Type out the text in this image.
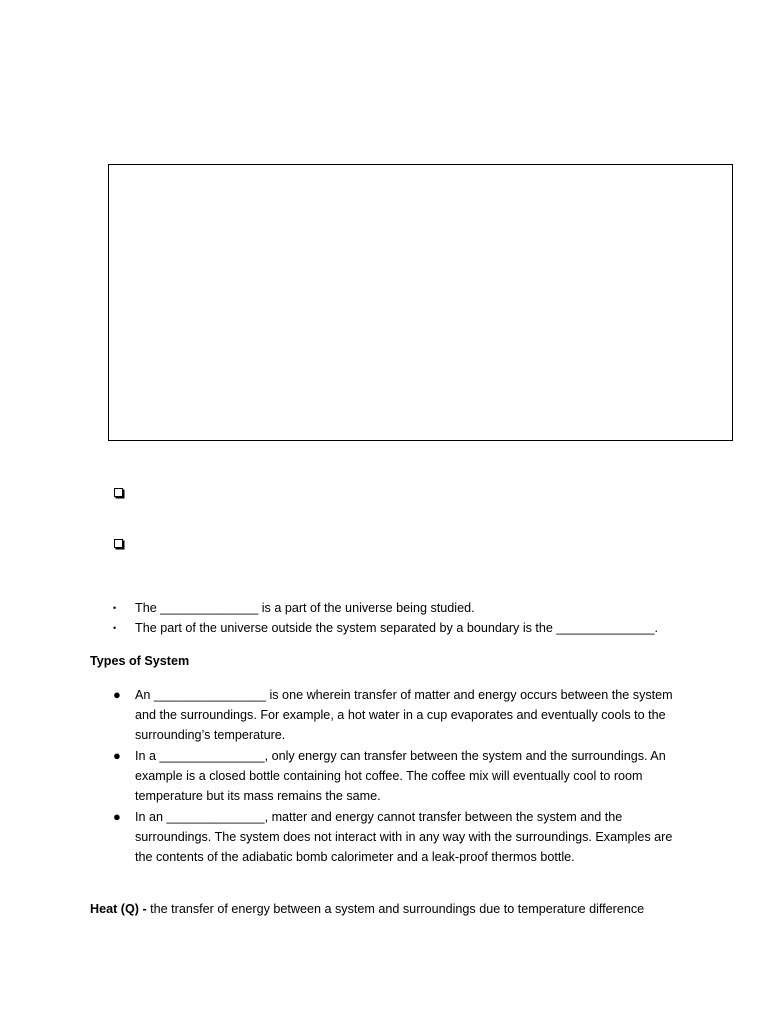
• The ______________ is a part of the universe being studied.
• The part of the universe outside the system separated by a boundary is the ______________.
Types of System
● An ________________ is one wherein transfer of matter and energy occurs between the system and the surroundings. For example, a hot water in a cup evaporates and eventually cools to the surrounding’s temperature.
● In a _______________, only energy can transfer between the system and the surroundings. An example is a closed bottle containing hot coffee. The coffee mix will eventually cool to room temperature but its mass remains the same.
● In an ______________, matter and energy cannot transfer between the system and the surroundings. The system does not interact with in any way with the surroundings. Examples are the contents of the adiabatic bomb calorimeter and a leak-proof thermos bottle.
Heat (Q) - the transfer of energy between a system and surroundings due to temperature difference
